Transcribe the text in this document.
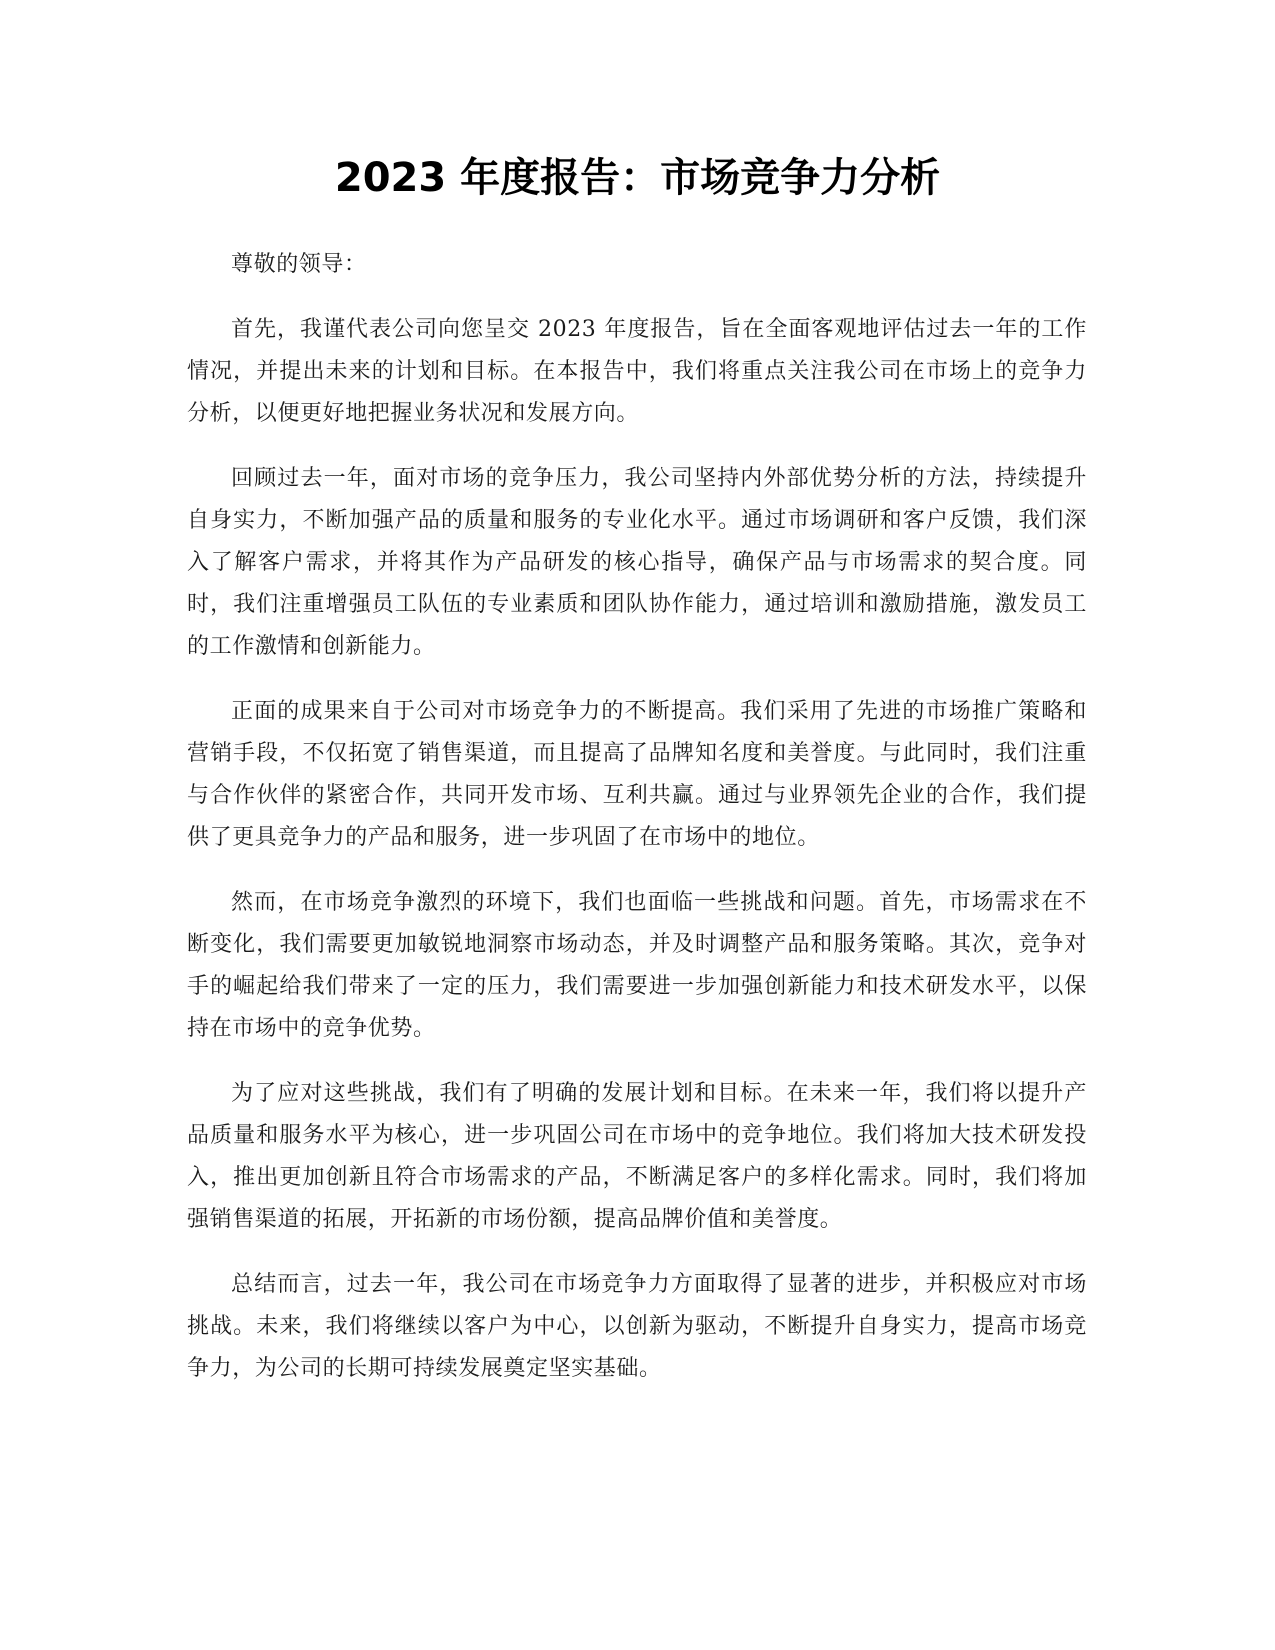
2023 年度报告：市场竞争力分析

尊敬的领导：

首先，我谨代表公司向您呈交 2023 年度报告，旨在全面客观地评估过去一年的工作情况，并提出未来的计划和目标。在本报告中，我们将重点关注我公司在市场上的竞争力分析，以便更好地把握业务状况和发展方向。

回顾过去一年，面对市场的竞争压力，我公司坚持内外部优势分析的方法，持续提升自身实力，不断加强产品的质量和服务的专业化水平。通过市场调研和客户反馈，我们深入了解客户需求，并将其作为产品研发的核心指导，确保产品与市场需求的契合度。同时，我们注重增强员工队伍的专业素质和团队协作能力，通过培训和激励措施，激发员工的工作激情和创新能力。

正面的成果来自于公司对市场竞争力的不断提高。我们采用了先进的市场推广策略和营销手段，不仅拓宽了销售渠道，而且提高了品牌知名度和美誉度。与此同时，我们注重与合作伙伴的紧密合作，共同开发市场、互利共赢。通过与业界领先企业的合作，我们提供了更具竞争力的产品和服务，进一步巩固了在市场中的地位。

然而，在市场竞争激烈的环境下，我们也面临一些挑战和问题。首先，市场需求在不断变化，我们需要更加敏锐地洞察市场动态，并及时调整产品和服务策略。其次，竞争对手的崛起给我们带来了一定的压力，我们需要进一步加强创新能力和技术研发水平，以保持在市场中的竞争优势。

为了应对这些挑战，我们有了明确的发展计划和目标。在未来一年，我们将以提升产品质量和服务水平为核心，进一步巩固公司在市场中的竞争地位。我们将加大技术研发投入，推出更加创新且符合市场需求的产品，不断满足客户的多样化需求。同时，我们将加强销售渠道的拓展，开拓新的市场份额，提高品牌价值和美誉度。

总结而言，过去一年，我公司在市场竞争力方面取得了显著的进步，并积极应对市场挑战。未来，我们将继续以客户为中心，以创新为驱动，不断提升自身实力，提高市场竞争力，为公司的长期可持续发展奠定坚实基础。
